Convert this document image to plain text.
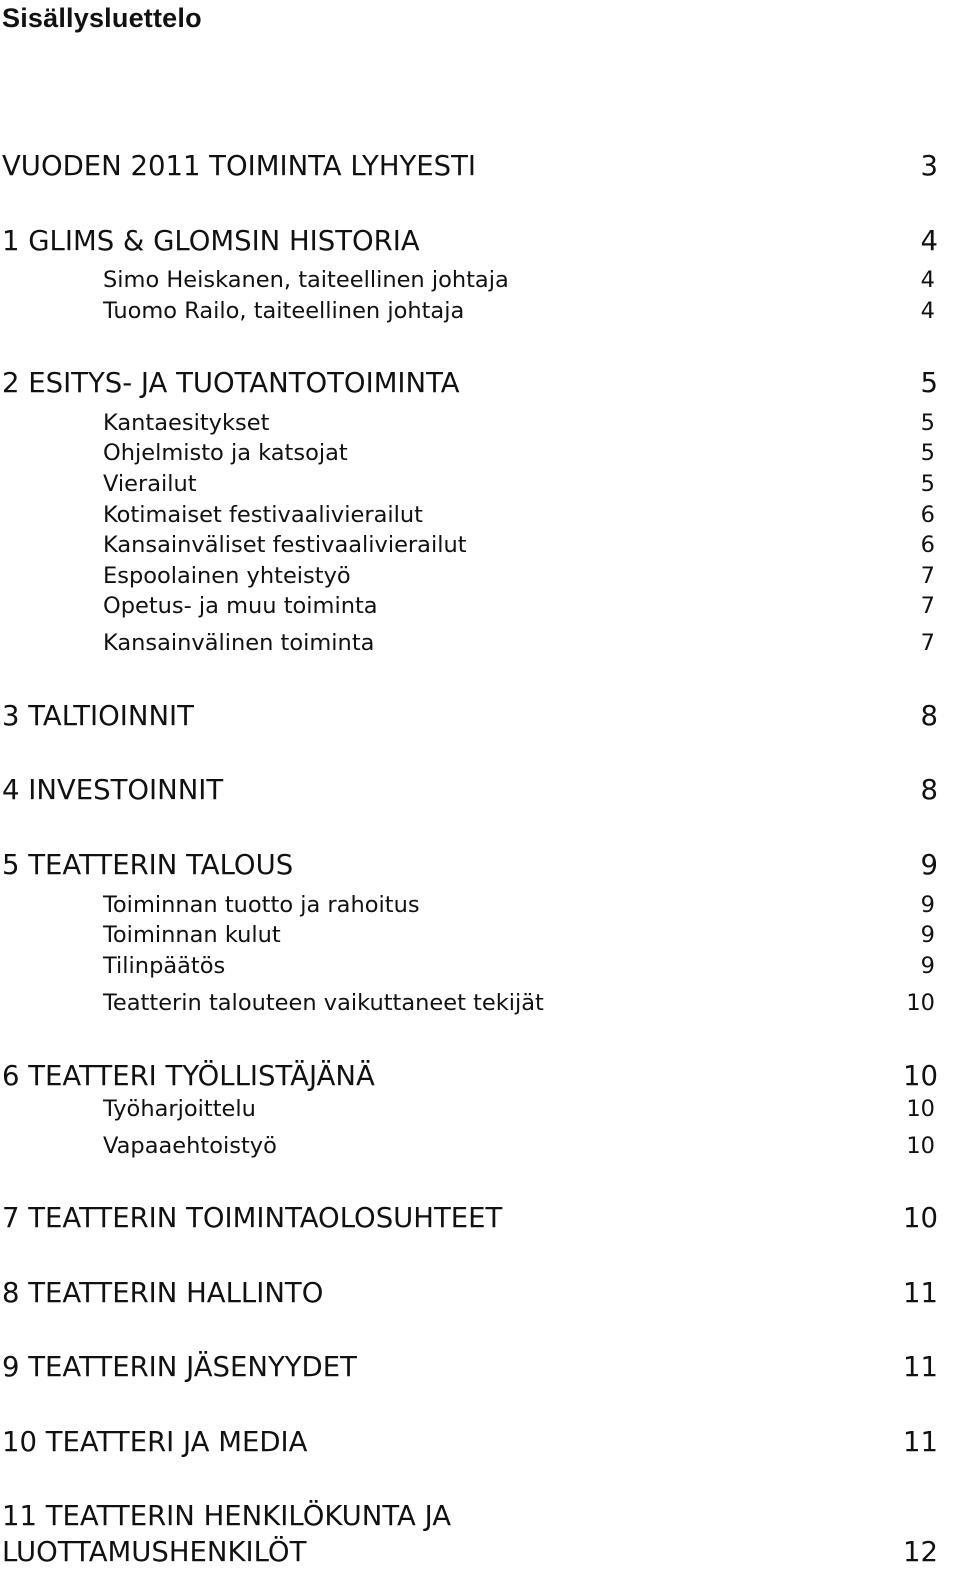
Sisällysluettelo
VUODEN 2011 TOIMINTA LYHYESTI	3
1 GLIMS & GLOMSIN HISTORIA	4
Simo Heiskanen, taiteellinen johtaja	4
Tuomo Railo, taiteellinen johtaja	4
2 ESITYS- JA TUOTANTOTOIMINTA	5
Kantaesitykset	5
Ohjelmisto ja katsojat	5
Vierailut	5
Kotimaiset festivaalivierailut	6
Kansainväliset festivaalivierailut	6
Espoolainen yhteistyö	7
Opetus- ja muu toiminta	7
Kansainvälinen toiminta	7
3 TALTIOINNIT	8
4 INVESTOINNIT	8
5 TEATTERIN TALOUS	9
Toiminnan tuotto ja rahoitus	9
Toiminnan kulut	9
Tilinpäätös	9
Teatterin talouteen vaikuttaneet tekijät	10
6 TEATTERI TYÖLLISTÄJÄNÄ	10
Työharjoittelu	10
Vapaaehtoistyö	10
7 TEATTERIN TOIMINTAOLOSUHTEET	10
8 TEATTERIN HALLINTO	11
9 TEATTERIN JÄSENYYDET	11
10 TEATTERI JA MEDIA	11
11 TEATTERIN HENKILÖKUNTA JA
LUOTTAMUSHENKILÖT	12
